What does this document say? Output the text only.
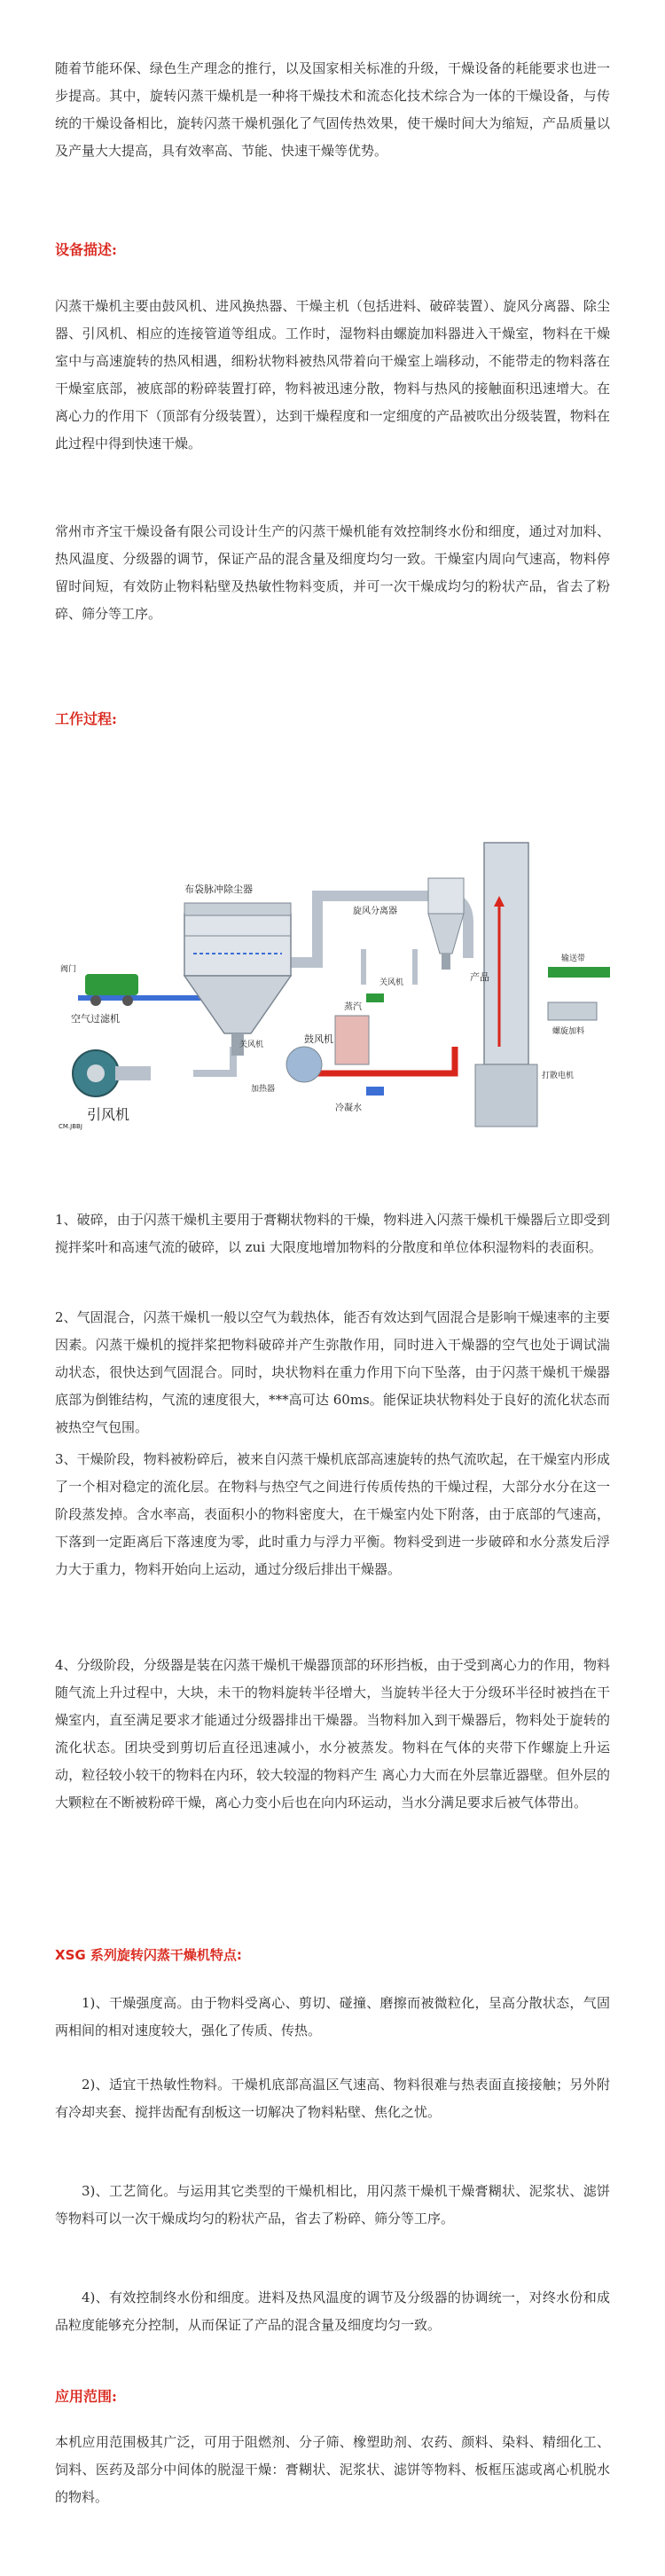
随着节能环保、绿色生产理念的推行，以及国家相关标准的升级，干燥设备的耗能要求也进一步提高。其中，旋转闪蒸干燥机是一种将干燥技术和流态化技术综合为一体的干燥设备，与传统的干燥设备相比，旋转闪蒸干燥机强化了气固传热效果，使干燥时间大为缩短，产品质量以及产量大大提高，具有效率高、节能、快速干燥等优势。

设备描述:

闪蒸干燥机主要由鼓风机、进风换热器、干燥主机（包括进料、破碎装置）、旋风分离器、除尘器、引风机、相应的连接管道等组成。工作时，湿物料由螺旋加料器进入干燥室，物料在干燥室中与高速旋转的热风相遇，细粉状物料被热风带着向干燥室上端移动，不能带走的物料落在干燥室底部，被底部的粉碎装置打碎，物料被迅速分散，物料与热风的接触面积迅速增大。在离心力的作用下（顶部有分级装置），达到干燥程度和一定细度的产品被吹出分级装置，物料在此过程中得到快速干燥。

常州市齐宝干燥设备有限公司设计生产的闪蒸干燥机能有效控制终水份和细度，通过对加料、热风温度、分级器的调节，保证产品的混含量及细度均匀一致。干燥室内周向气速高，物料停留时间短，有效防止物料粘壁及热敏性物料变质，并可一次干燥成均匀的粉状产品，省去了粉碎、筛分等工序。

工作过程:
布袋脉冲除尘器
旋风分离器
产品
打散电机
输送带
螺旋加料
蒸汽
冷凝水
鼓风机
加热器
空气过滤机
阀门
引风机
关风机
关风机
CM.JBBJ

1、破碎，由于闪蒸干燥机主要用于膏糊状物料的干燥，物料进入闪蒸干燥机干燥器后立即受到搅拌桨叶和高速气流的破碎，以 zui 大限度地增加物料的分散度和单位体积湿物料的表面积。

2、气固混合，闪蒸干燥机一般以空气为载热体，能否有效达到气固混合是影响干燥速率的主要因素。闪蒸干燥机的搅拌桨把物料破碎并产生弥散作用，同时进入干燥器的空气也处于调试湍动状态，很快达到气固混合。同时，块状物料在重力作用下向下坠落，由于闪蒸干燥机干燥器底部为倒锥结构，气流的速度很大，***高可达 60ms。能保证块状物料处于良好的流化状态而被热空气包围。

3、干燥阶段，物料被粉碎后，被来自闪蒸干燥机底部高速旋转的热气流吹起，在干燥室内形成了一个相对稳定的流化层。在物料与热空气之间进行传质传热的干燥过程，大部分水分在这一阶段蒸发掉。含水率高，表面积小的物料密度大，在干燥室内处下附落，由于底部的气速高，下落到一定距离后下落速度为零，此时重力与浮力平衡。物料受到进一步破碎和水分蒸发后浮力大于重力，物料开始向上运动，通过分级后排出干燥器。

4、分级阶段，分级器是装在闪蒸干燥机干燥器顶部的环形挡板，由于受到离心力的作用，物料随气流上升过程中，大块，未干的物料旋转半径增大，当旋转半径大于分级环半径时被挡在干燥室内，直至满足要求才能通过分级器排出干燥器。当物料加入到干燥器后，物料处于旋转的流化状态。团块受到剪切后直径迅速减小，水分被蒸发。物料在气体的夹带下作螺旋上升运动，粒径较小较干的物料在内环，较大较湿的物料产生 离心力大而在外层靠近器壁。但外层的大颗粒在不断被粉碎干燥，离心力变小后也在向内环运动，当水分满足要求后被气体带出。

XSG 系列旋转闪蒸干燥机特点:

1)、干燥强度高。由于物料受离心、剪切、碰撞、磨擦而被微粒化，呈高分散状态，气固两相间的相对速度较大，强化了传质、传热。

2)、适宜干热敏性物料。干燥机底部高温区气速高、物料很难与热表面直接接触；另外附有冷却夹套、搅拌齿配有刮板这一切解决了物料粘壁、焦化之忧。

3)、工艺简化。与运用其它类型的干燥机相比，用闪蒸干燥机干燥膏糊状、泥浆状、滤饼等物料可以一次干燥成均匀的粉状产品，省去了粉碎、筛分等工序。

4)、有效控制终水份和细度。进料及热风温度的调节及分级器的协调统一，对终水份和成品粒度能够充分控制，从而保证了产品的混含量及细度均匀一致。

应用范围:

本机应用范围极其广泛，可用于阻燃剂、分子筛、橡塑助剂、农药、颜料、染料、精细化工、饲料、医药及部分中间体的脱湿干燥：膏糊状、泥浆状、滤饼等物料、板框压滤或离心机脱水的物料。
